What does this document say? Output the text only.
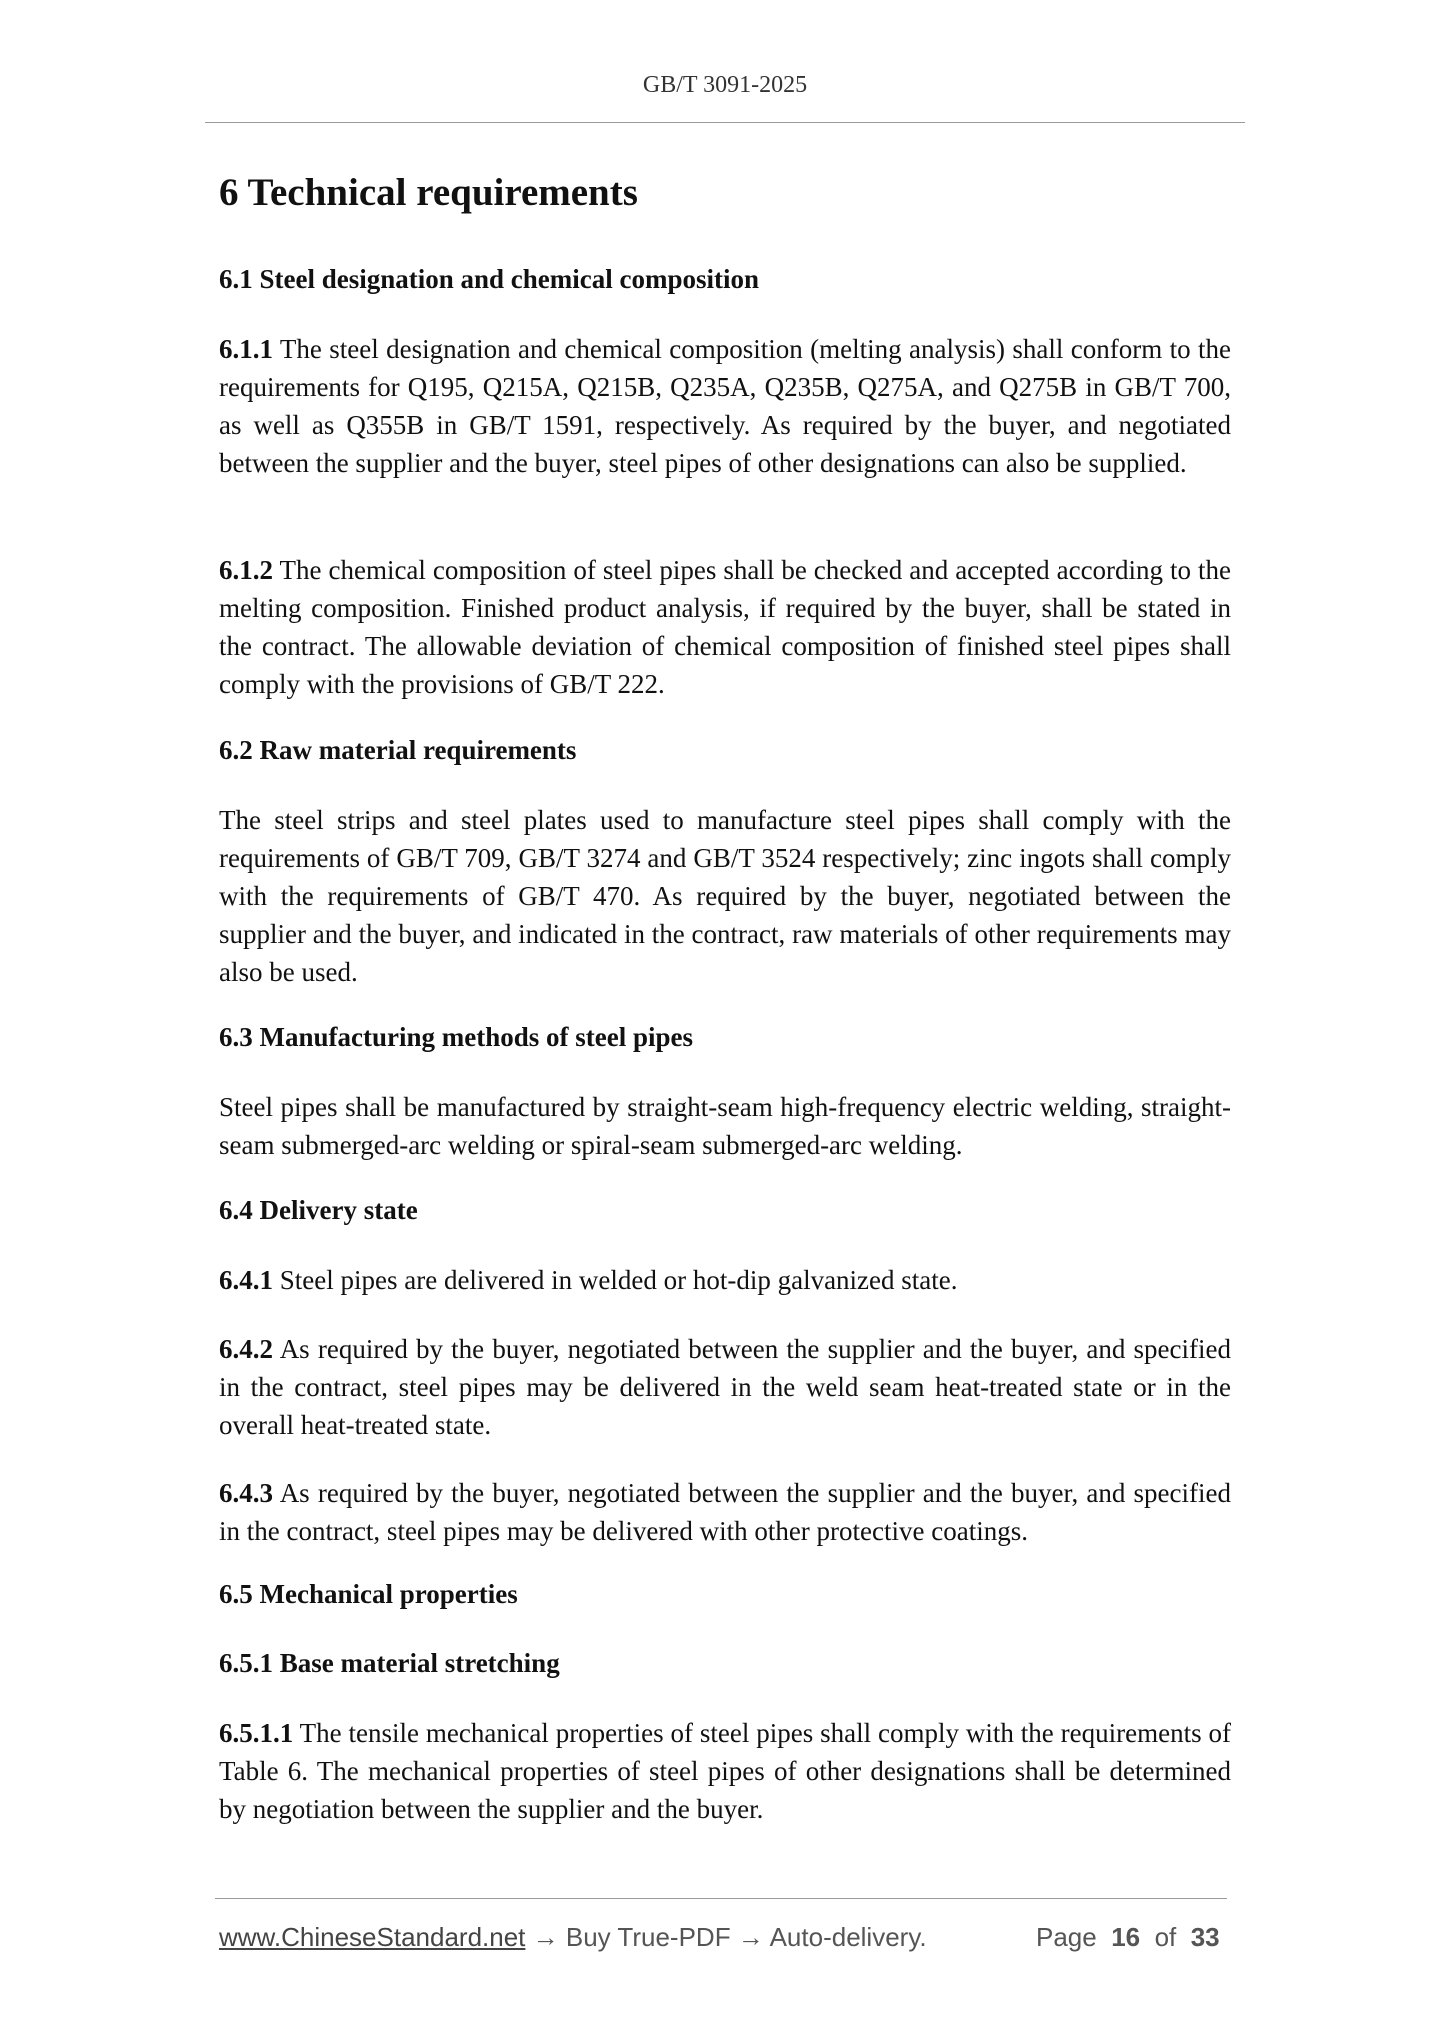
GB/T 3091-2025
6 Technical requirements
6.1 Steel designation and chemical composition
6.1.1 The steel designation and chemical composition (melting analysis) shall conform to the requirements for Q195, Q215A, Q215B, Q235A, Q235B, Q275A, and Q275B in GB/T 700, as well as Q355B in GB/T 1591, respectively. As required by the buyer, and negotiated between the supplier and the buyer, steel pipes of other designations can also be supplied.
6.1.2 The chemical composition of steel pipes shall be checked and accepted according to the melting composition. Finished product analysis, if required by the buyer, shall be stated in the contract. The allowable deviation of chemical composition of finished steel pipes shall comply with the provisions of GB/T 222.
6.2 Raw material requirements
The steel strips and steel plates used to manufacture steel pipes shall comply with the requirements of GB/T 709, GB/T 3274 and GB/T 3524 respectively; zinc ingots shall comply with the requirements of GB/T 470. As required by the buyer, negotiated between the supplier and the buyer, and indicated in the contract, raw materials of other requirements may also be used.
6.3 Manufacturing methods of steel pipes
Steel pipes shall be manufactured by straight-seam high-frequency electric welding, straight-seam submerged-arc welding or spiral-seam submerged-arc welding.
6.4 Delivery state
6.4.1 Steel pipes are delivered in welded or hot-dip galvanized state.
6.4.2 As required by the buyer, negotiated between the supplier and the buyer, and specified in the contract, steel pipes may be delivered in the weld seam heat-treated state or in the overall heat-treated state.
6.4.3 As required by the buyer, negotiated between the supplier and the buyer, and specified in the contract, steel pipes may be delivered with other protective coatings.
6.5 Mechanical properties
6.5.1 Base material stretching
6.5.1.1 The tensile mechanical properties of steel pipes shall comply with the requirements of Table 6. The mechanical properties of steel pipes of other designations shall be determined by negotiation between the supplier and the buyer.
www.ChineseStandard.net → Buy True-PDF → Auto-delivery.	Page 16 of 33
